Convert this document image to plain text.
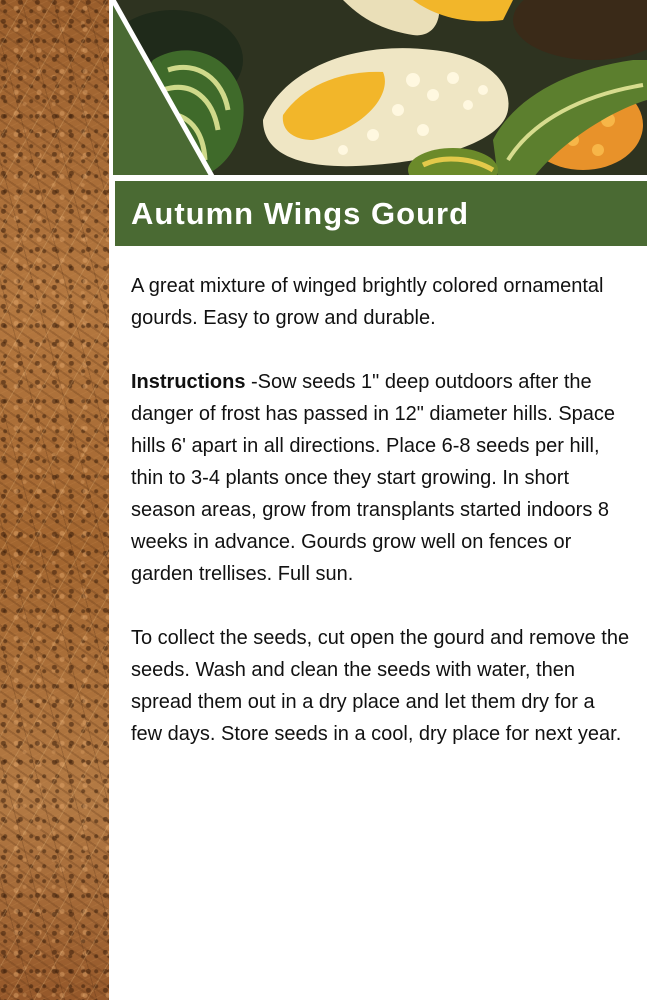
Autumn Wings Gourd

A great mixture of winged brightly colored ornamental gourds. Easy to grow and durable.

Instructions -Sow seeds 1" deep outdoors after the danger of frost has passed in 12" diameter hills. Space hills 6' apart in all directions. Place 6-8 seeds per hill, thin to 3-4 plants once they start growing. In short season areas, grow from transplants started indoors 8 weeks in advance. Gourds grow well on fences or garden trellises. Full sun.

To collect the seeds, cut open the gourd and remove the seeds. Wash and clean the seeds with water, then spread them out in a dry place and let them dry for a few days. Store seeds in a cool, dry place for next year.
